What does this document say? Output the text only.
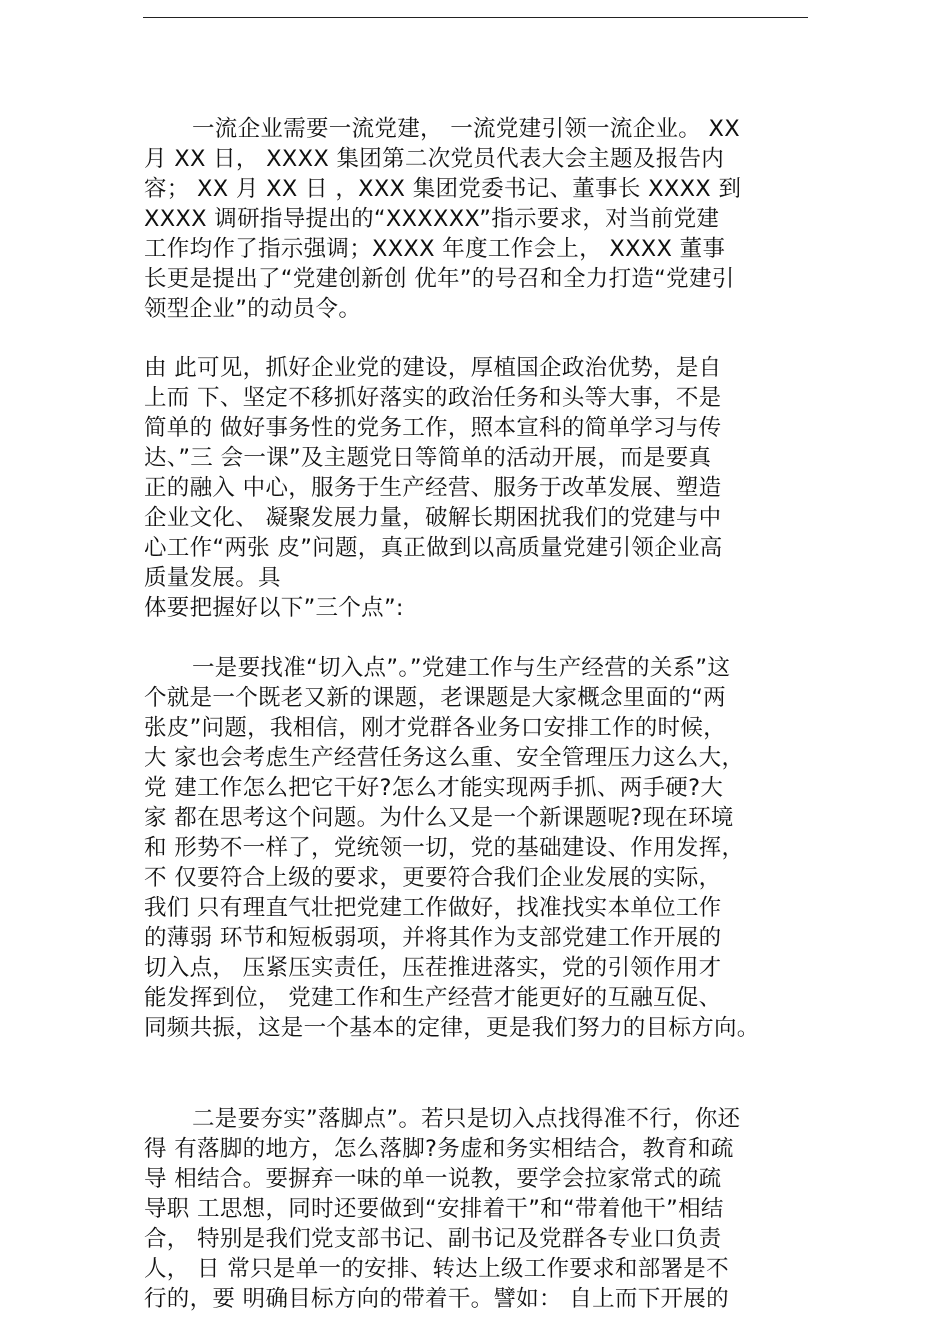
一流企业需要一流党建， 一流党建引领一流企业。 XX
月 XX 日， XXXX 集团第二次党员代表大会主题及报告内
容； XX 月 XX 日 ，XXX 集团党委书记、董事长 XXXX 到
XXXX 调研指导提出的“XXXXXX”指示要求，对当前党建
工作均作了指示强调；XXXX 年度工作会上， XXXX 董事
长更是提出了“党建创新创 优年”的号召和全力打造“党建引
领型企业”的动员令。
由 此可见，抓好企业党的建设，厚植国企政治优势，是自
上而 下、坚定不移抓好落实的政治任务和头等大事，不是
简单的 做好事务性的党务工作，照本宣科的简单学习与传
达、”三 会一课”及主题党日等简单的活动开展，而是要真
正的融入 中心，服务于生产经营、服务于改革发展、塑造
企业文化、 凝聚发展力量，破解长期困扰我们的党建与中
心工作“两张 皮”问题，真正做到以高质量党建引领企业高
质量发展。具
体要把握好以下”三个点”:
一是要找准“切入点”。”党建工作与生产经营的关系”这
个就是一个既老又新的课题，老课题是大家概念里面的“两
张皮”问题，我相信，刚才党群各业务口安排工作的时候，
大 家也会考虑生产经营任务这么重、安全管理压力这么大，
党 建工作怎么把它干好?怎么才能实现两手抓、两手硬?大
家 都在思考这个问题。为什么又是一个新课题呢?现在环境
和 形势不一样了，党统领一切，党的基础建设、作用发挥，
不 仅要符合上级的要求，更要符合我们企业发展的实际，
我们 只有理直气壮把党建工作做好，找准找实本单位工作
的薄弱 环节和短板弱项，并将其作为支部党建工作开展的
切入点， 压紧压实责任，压茬推进落实，党的引领作用才
能发挥到位， 党建工作和生产经营才能更好的互融互促、
同频共振，这是一个基本的定律，更是我们努力的目标方向。
二是要夯实”落脚点”。若只是切入点找得准不行，你还
得 有落脚的地方，怎么落脚?务虚和务实相结合，教育和疏
导 相结合。要摒弃一味的单一说教，要学会拉家常式的疏
导职 工思想，同时还要做到“安排着干”和“带着他干”相结
合， 特别是我们党支部书记、副书记及党群各专业口负责
人， 日 常只是单一的安排、转达上级工作要求和部署是不
行的，要 明确目标方向的带着干。譬如： 自上而下开展的
